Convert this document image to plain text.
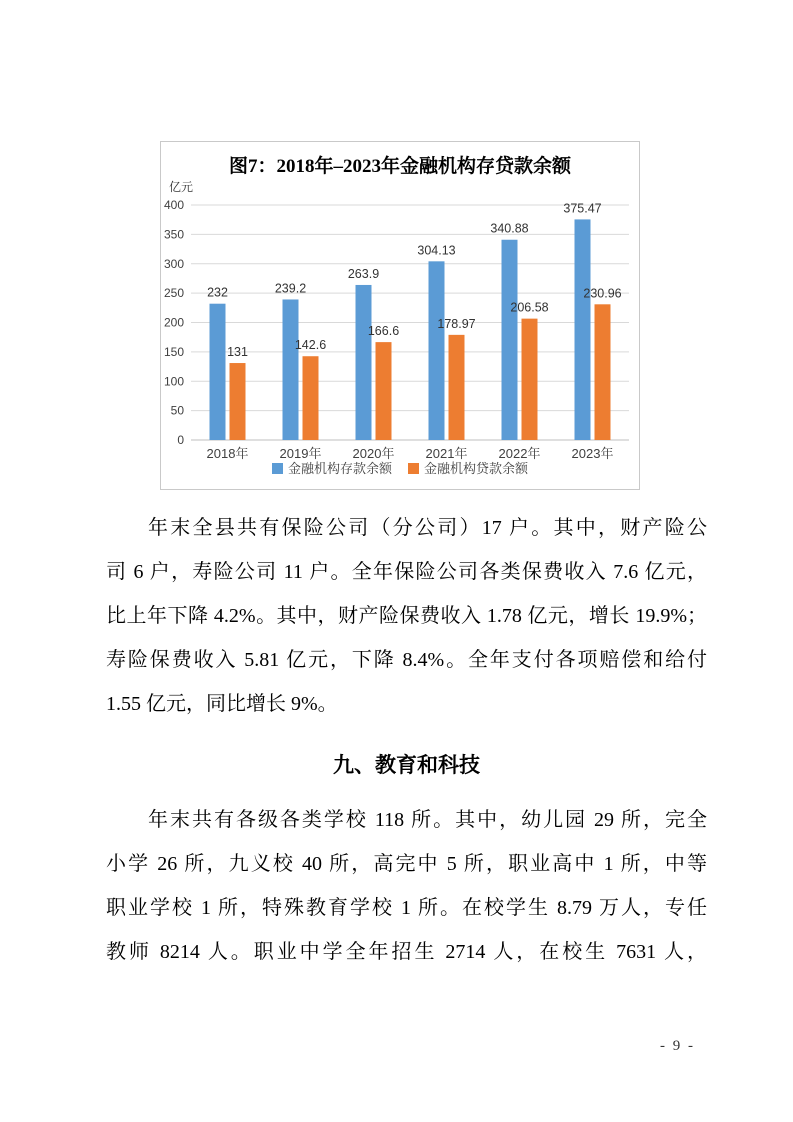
0
50
100
150
200
250
300
350
400
2018年
232
131
2019年
239.2
142.6
2020年
263.9
166.6
2021年
304.13
178.97
2022年
340.88
206.58
2023年
375.47
230.96
图7：2018年–2023年金融机构存贷款余额
亿元
金融机构存款余额 金融机构贷款余额
年末全县共有保险公司（分公司）17 户。其中，财产险公
司 6 户，寿险公司 11 户。全年保险公司各类保费收入 7.6 亿元，
比上年下降 4.2%。其中，财产险保费收入 1.78 亿元，增长 19.9%；
寿险保费收入 5.81 亿元，下降 8.4%。全年支付各项赔偿和给付
1.55 亿元，同比增长 9%。
九、教育和科技
年末共有各级各类学校 118 所。其中，幼儿园 29 所，完全
小学 26 所，九义校 40 所，高完中 5 所，职业高中 1 所，中等
职业学校 1 所，特殊教育学校 1 所。在校学生 8.79 万人，专任
教师 8214 人。职业中学全年招生 2714 人，在校生 7631 人，
- 9 -
